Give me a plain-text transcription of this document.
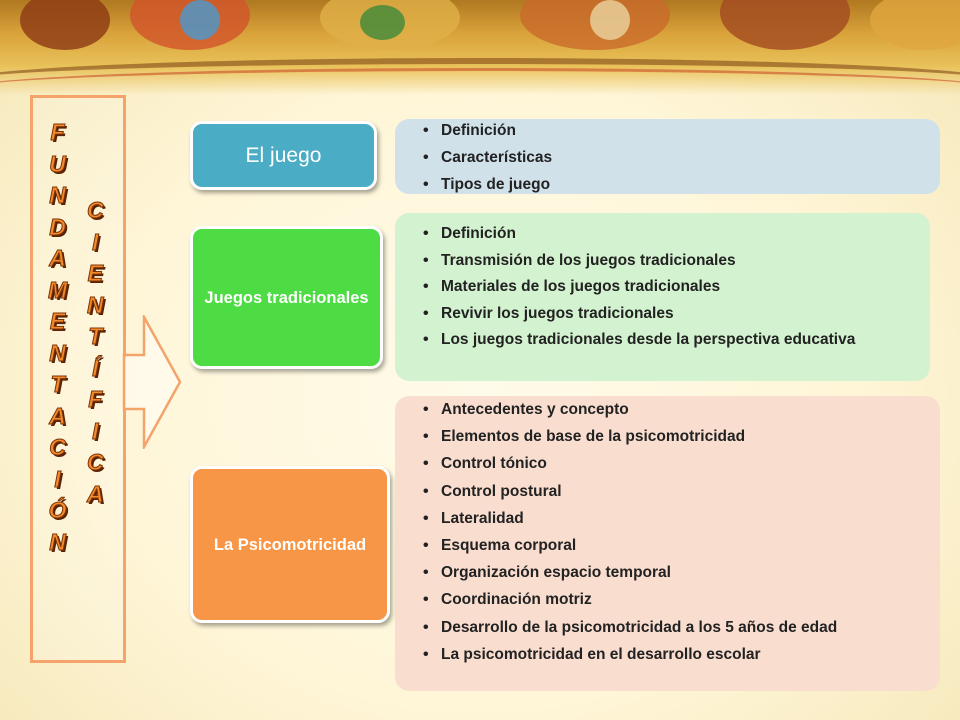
F
U
N
D
A
M
E
N
T
A
C
I
Ó
N
C
I
E
N
T
Í
F
I
C
A
• Definición
• Características
• Tipos de juego
El juego
• Definición
• Transmisión de los juegos tradicionales
• Materiales de los juegos tradicionales
• Revivir los juegos tradicionales
• Los juegos tradicionales desde la perspectiva educativa
Juegos tradicionales
• Antecedentes y concepto
• Elementos de base de la psicomotricidad
• Control tónico
• Control postural
• Lateralidad
• Esquema corporal
• Organización espacio temporal
• Coordinación motriz
• Desarrollo de la psicomotricidad a los 5 años de edad
• La psicomotricidad en el desarrollo escolar
La Psicomotricidad
